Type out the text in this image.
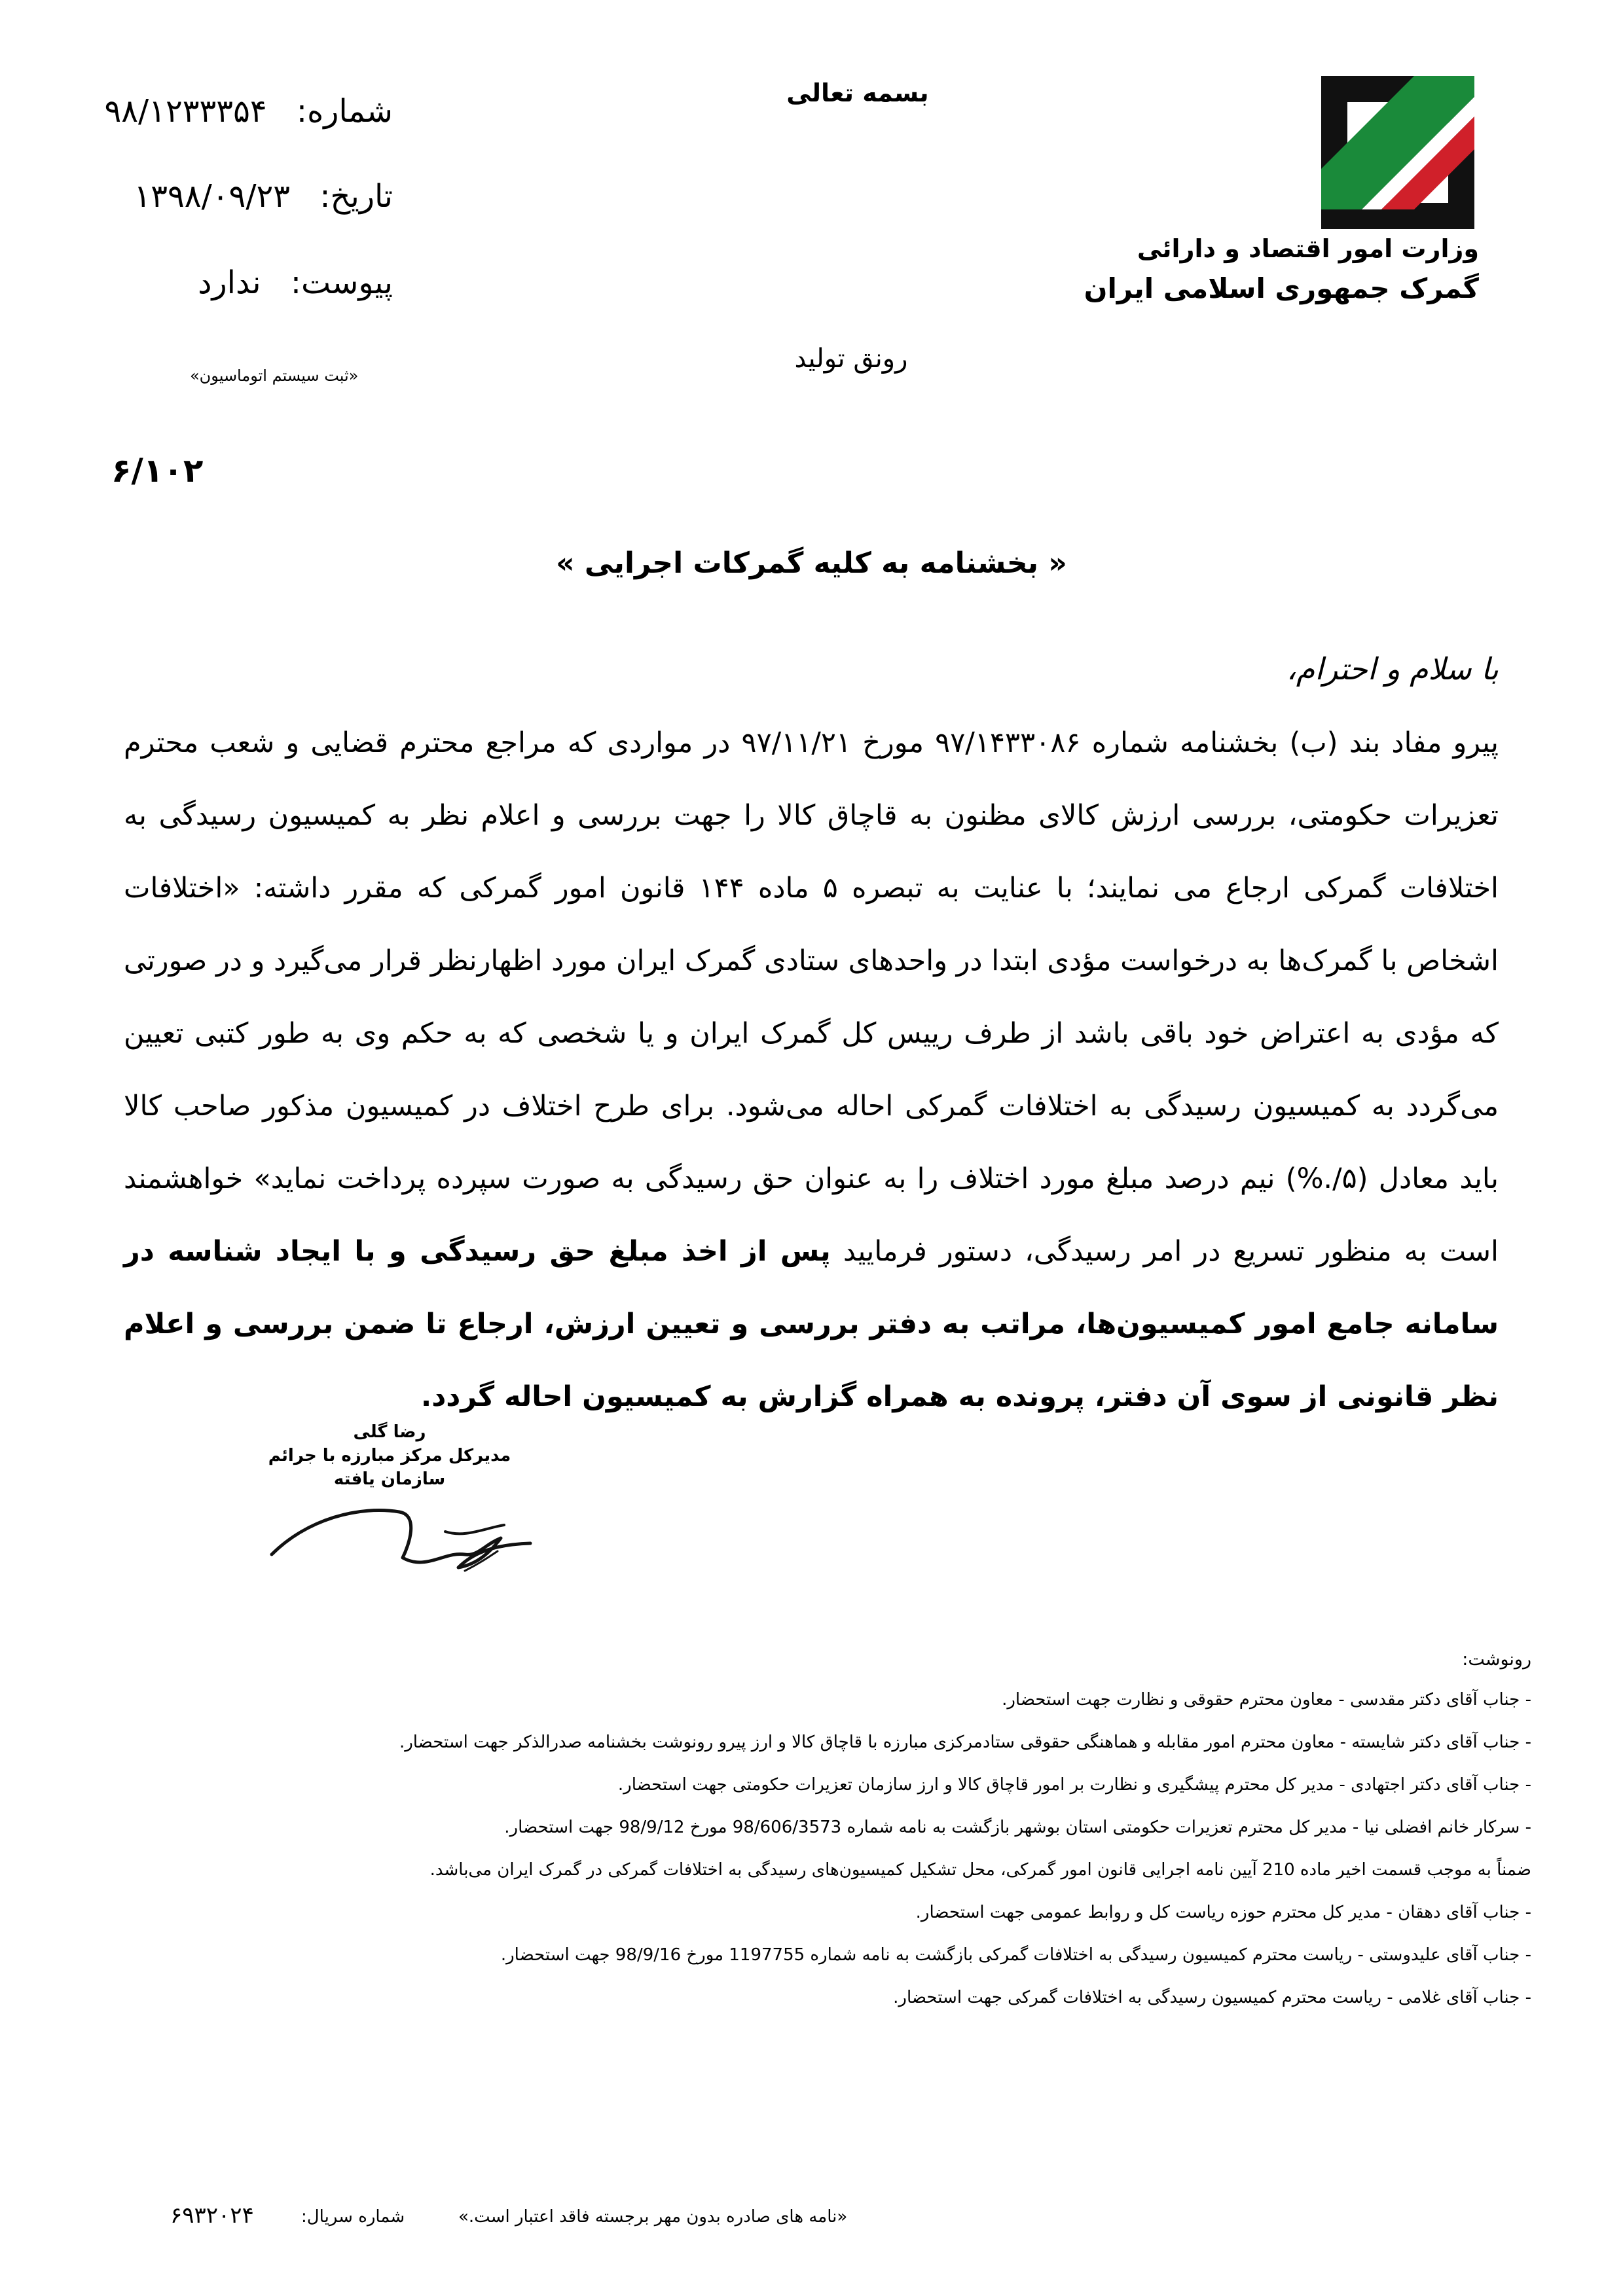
وزارت امور اقتصاد و دارائی
گمرک جمهوری اسلامی ایران
بسمه تعالی
رونق تولید
شماره: ۹۸/۱۲۳۳۳۵۴
تاریخ: ۱۳۹۸/۰۹/۲۳
پیوست: ندارد
«ثبت سیستم اتوماسیون»
۶/۱۰۲
« بخشنامه به کلیه گمرکات اجرایی »
با سلام و احترام،
پیرو مفاد بند (ب) بخشنامه شماره ۹۷/۱۴۳۳۰۸۶ مورخ ۹۷/۱۱/۲۱ در مواردی که مراجع محترم قضایی و شعب محترم تعزیرات حکومتی، بررسی ارزش کالای مظنون به قاچاق کالا را جهت بررسی و اعلام نظر به کمیسیون رسیدگی به اختلافات گمرکی ارجاع می نمایند؛ با عنایت به تبصره ۵ ماده ۱۴۴ قانون امور گمرکی که مقرر داشته: «اختلافات اشخاص با گمرک‌ها به درخواست مؤدی ابتدا در واحدهای ستادی گمرک ایران مورد اظهارنظر قرار می‌گیرد و در صورتی که مؤدی به اعتراض خود باقی باشد از طرف رییس کل گمرک ایران و یا شخصی که به حکم وی به طور کتبی تعیین می‌گردد به کمیسیون رسیدگی به اختلافات گمرکی احاله می‌شود. برای طرح اختلاف در کمیسیون مذکور صاحب کالا باید معادل (۵/.%) نیم درصد مبلغ مورد اختلاف را به عنوان حق رسیدگی به صورت سپرده پرداخت نماید» خواهشمند است به منظور تسریع در امر رسیدگی، دستور فرمایید پس از اخذ مبلغ حق رسیدگی و با ایجاد شناسه در سامانه جامع امور کمیسیون‌ها، مراتب به دفتر بررسی و تعیین ارزش، ارجاع تا ضمن بررسی و اعلام نظر قانونی از سوی آن دفتر، پرونده به همراه گزارش به کمیسیون احاله گردد.
رضا گلی
مدیرکل مرکز مبارزه با جرائم سازمان یافته
رونوشت:
- جناب آقای دکتر مقدسی - معاون محترم حقوقی و نظارت جهت استحضار.
- جناب آقای دکتر شایسته - معاون محترم امور مقابله و هماهنگی حقوقی ستادمرکزی مبارزه با قاچاق کالا و ارز پیرو رونوشت بخشنامه صدرالذکر جهت استحضار.
- جناب آقای دکتر اجتهادی - مدیر کل محترم پیشگیری و نظارت بر امور قاچاق کالا و ارز سازمان تعزیرات حکومتی جهت استحضار.
- سرکار خانم افضلی نیا - مدیر کل محترم تعزیرات حکومتی استان بوشهر بازگشت به نامه شماره 98/606/3573 مورخ 98/9/12 جهت استحضار.
ضمناً به موجب قسمت اخیر ماده 210 آیین نامه اجرایی قانون امور گمرکی، محل تشکیل کمیسیون‌های رسیدگی به اختلافات گمرکی در گمرک ایران می‌باشد.
- جناب آقای دهقان - مدیر کل محترم حوزه ریاست کل و روابط عمومی جهت استحضار.
- جناب آقای علیدوستی - ریاست محترم کمیسیون رسیدگی به اختلافات گمرکی بازگشت به نامه شماره 1197755 مورخ 98/9/16 جهت استحضار.
- جناب آقای غلامی - ریاست محترم کمیسیون رسیدگی به اختلافات گمرکی جهت استحضار.
«نامه های صادره بدون مهر برجسته فاقد اعتبار است.»
شماره سریال:
۶۹۳۲۰۲۴
